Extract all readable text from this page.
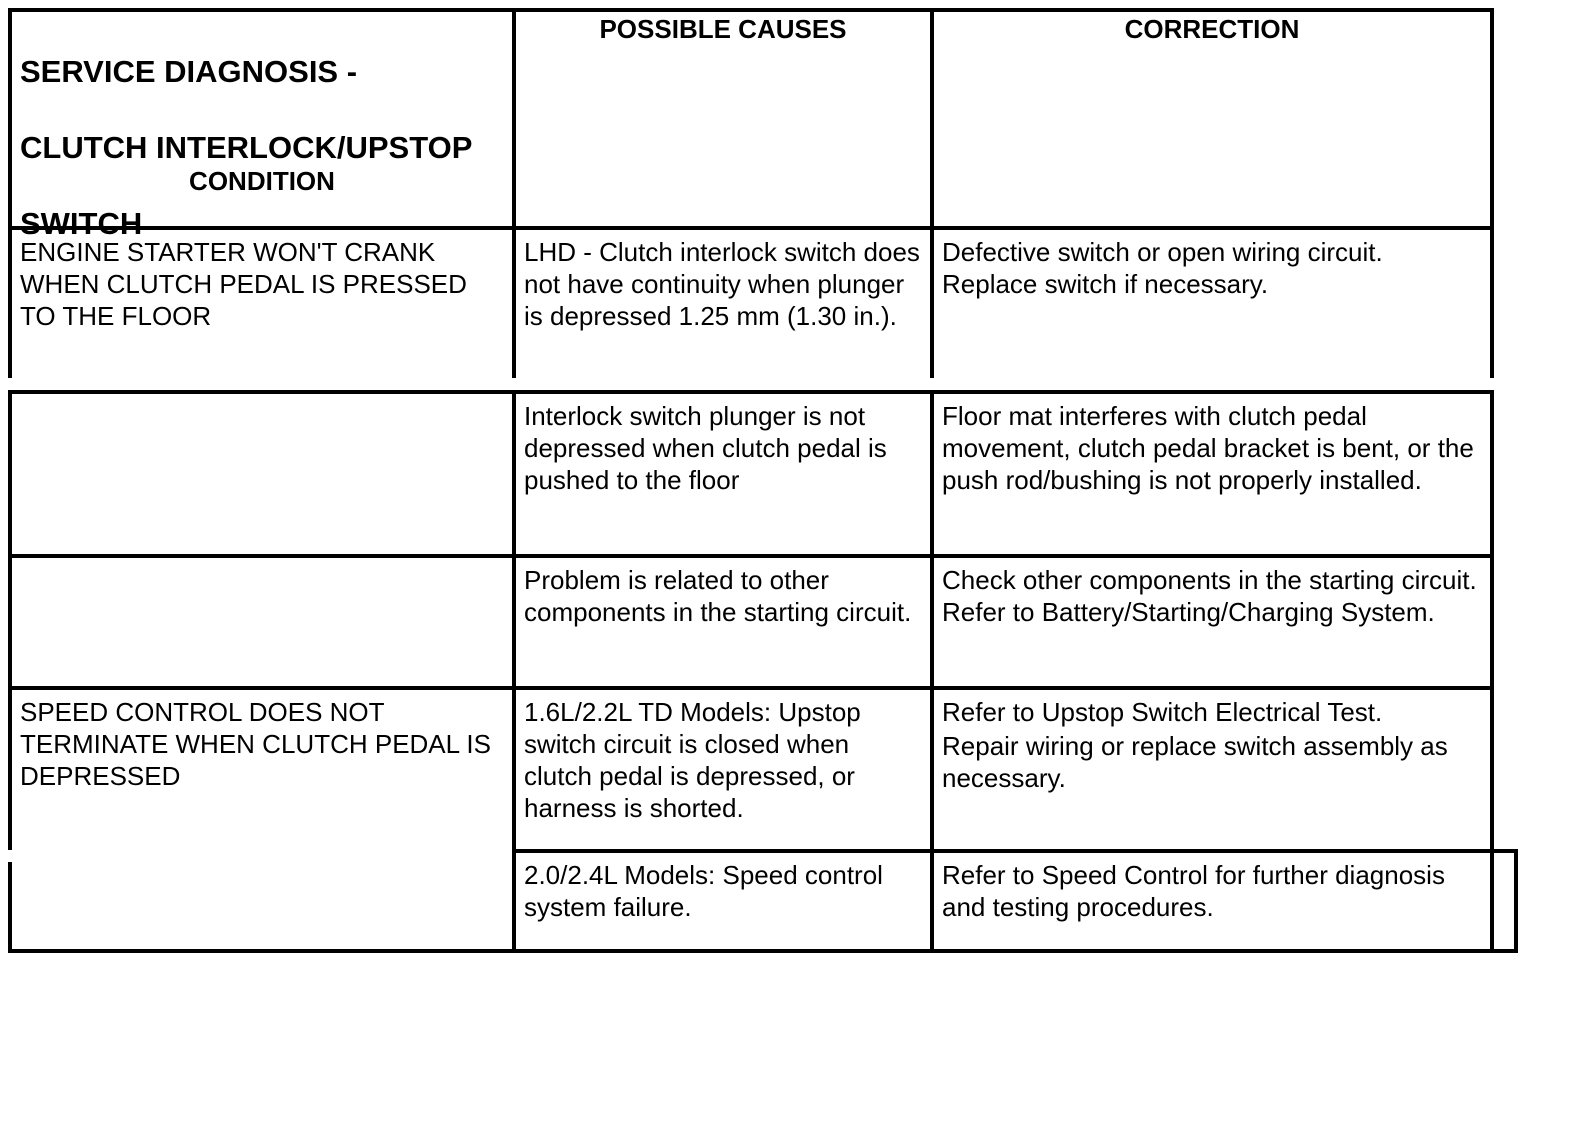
SERVICE DIAGNOSIS -

CLUTCH INTERLOCK/UPSTOP

SWITCH

CONDITION
POSSIBLE CAUSES	CORRECTION
ENGINE STARTER WON'T CRANK WHEN CLUTCH PEDAL IS PRESSED TO THE FLOOR
LHD - Clutch interlock switch does not have continuity when plunger is depressed 1.25 mm (1.30 in.).
Defective switch or open wiring circuit. Replace switch if necessary.
Interlock switch plunger is not depressed when clutch pedal is pushed to the floor
Floor mat interferes with clutch pedal movement, clutch pedal bracket is bent, or the push rod/bushing is not properly installed.
Problem is related to other components in the starting circuit.
Check other components in the starting circuit. Refer to Battery/Starting/Charging System.
SPEED CONTROL DOES NOT TERMINATE WHEN CLUTCH PEDAL IS DEPRESSED
1.6L/2.2L TD Models: Upstop switch circuit is closed when clutch pedal is depressed, or harness is shorted.
Refer to Upstop Switch Electrical Test.
Repair wiring or replace switch assembly as necessary.
2.0/2.4L Models: Speed control system failure.
Refer to Speed Control for further diagnosis and testing procedures.
